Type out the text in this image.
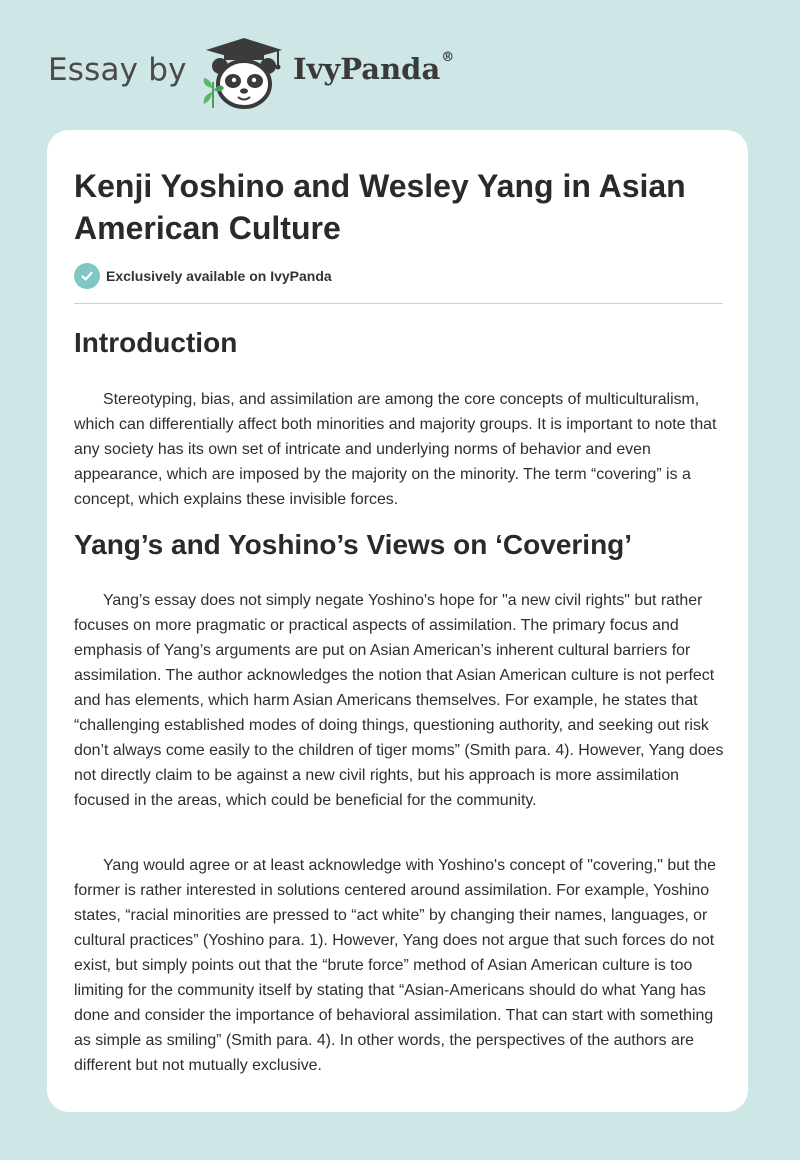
Essay by	IvyPanda®
Kenji Yoshino and Wesley Yang in Asian American Culture
Exclusively available on IvyPanda
Introduction

Stereotyping, bias, and assimilation are among the core concepts of multiculturalism, which can differentially affect both minorities and majority groups. It is important to note that any society has its own set of intricate and underlying norms of behavior and even appearance, which are imposed by the majority on the minority. The term “covering” is a concept, which explains these invisible forces.

Yang’s and Yoshino’s Views on ‘Covering’

Yang’s essay does not simply negate Yoshino's hope for "a new civil rights" but rather focuses on more pragmatic or practical aspects of assimilation. The primary focus and emphasis of Yang’s arguments are put on Asian American’s inherent cultural barriers for assimilation. The author acknowledges the notion that Asian American culture is not perfect and has elements, which harm Asian Americans themselves. For example, he states that “challenging established modes of doing things, questioning authority, and seeking out risk don’t always come easily to the children of tiger moms” (Smith para. 4). However, Yang does not directly claim to be against a new civil rights, but his approach is more assimilation focused in the areas, which could be beneficial for the community.

Yang would agree or at least acknowledge with Yoshino's concept of "covering," but the former is rather interested in solutions centered around assimilation. For example, Yoshino states, “racial minorities are pressed to “act white” by changing their names, languages, or cultural practices” (Yoshino para. 1). However, Yang does not argue that such forces do not exist, but simply points out that the “brute force” method of Asian American culture is too limiting for the community itself by stating that “Asian-Americans should do what Yang has done and consider the importance of behavioral assimilation. That can start with something as simple as smiling” (Smith para. 4). In other words, the perspectives of the authors are different but not mutually exclusive.
